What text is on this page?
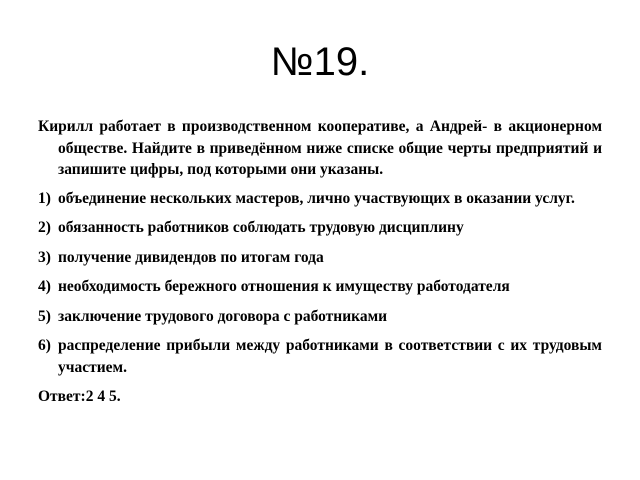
№19.

Кирилл работает в производственном кооперативе, а Андрей- в акционерном обществе. Найдите в приведённом ниже списке общие черты предприятий и запишите цифры, под которыми они указаны.

1) объединение нескольких мастеров, лично участвующих в оказании услуг.
2) обязанность работников соблюдать трудовую дисциплину
3) получение дивидендов по итогам года
4) необходимость бережного отношения к имуществу работодателя
5) заключение трудового договора с работниками
6) распределение прибыли между работниками в соответствии с их трудовым участием.

Ответ:2 4 5.
